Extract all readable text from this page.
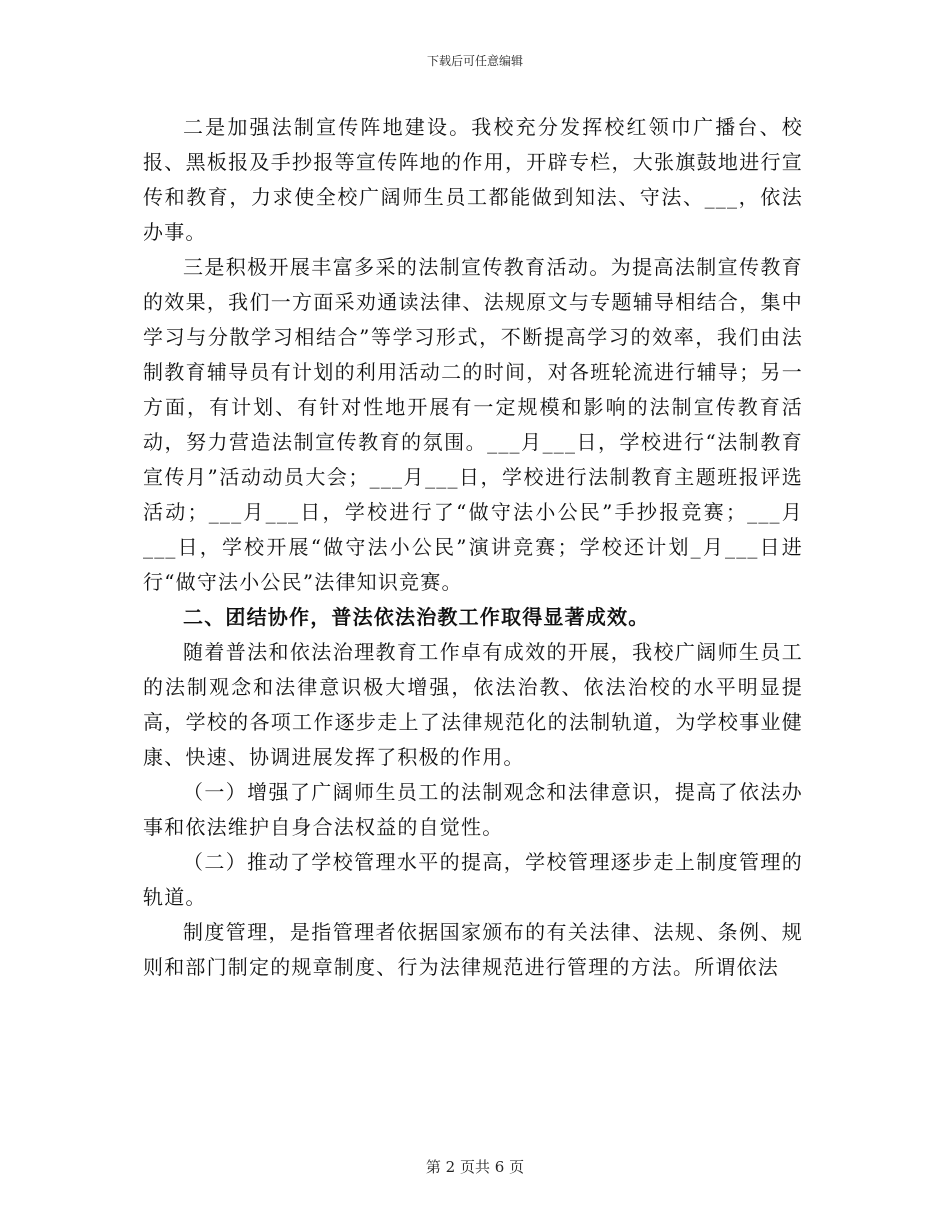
下载后可任意编辑

二是加强法制宣传阵地建设。我校充分发挥校红领巾广播台、校报、黑板报及手抄报等宣传阵地的作用，开辟专栏，大张旗鼓地进行宣传和教育，力求使全校广阔师生员工都能做到知法、守法、___，依法办事。

三是积极开展丰富多采的法制宣传教育活动。为提高法制宣传教育的效果，我们一方面采劝通读法律、法规原文与专题辅导相结合，集中学习与分散学习相结合”等学习形式，不断提高学习的效率，我们由法制教育辅导员有计划的利用活动二的时间，对各班轮流进行辅导；另一方面，有计划、有针对性地开展有一定规模和影响的法制宣传教育活动，努力营造法制宣传教育的氛围。___月___日，学校进行“法制教育宣传月”活动动员大会；___月___日，学校进行法制教育主题班报评选活动；___月___日，学校进行了“做守法小公民”手抄报竞赛；___月___日，学校开展“做守法小公民”演讲竞赛；学校还计划_月___日进行“做守法小公民”法律知识竞赛。

二、团结协作，普法依法治教工作取得显著成效。

随着普法和依法治理教育工作卓有成效的开展，我校广阔师生员工的法制观念和法律意识极大增强，依法治教、依法治校的水平明显提高，学校的各项工作逐步走上了法律规范化的法制轨道，为学校事业健康、快速、协调进展发挥了积极的作用。

（一）增强了广阔师生员工的法制观念和法律意识，提高了依法办事和依法维护自身合法权益的自觉性。

（二）推动了学校管理水平的提高，学校管理逐步走上制度管理的轨道。

制度管理，是指管理者依据国家颁布的有关法律、法规、条例、规则和部门制定的规章制度、行为法律规范进行管理的方法。所谓依法

第 2 页共 6 页
